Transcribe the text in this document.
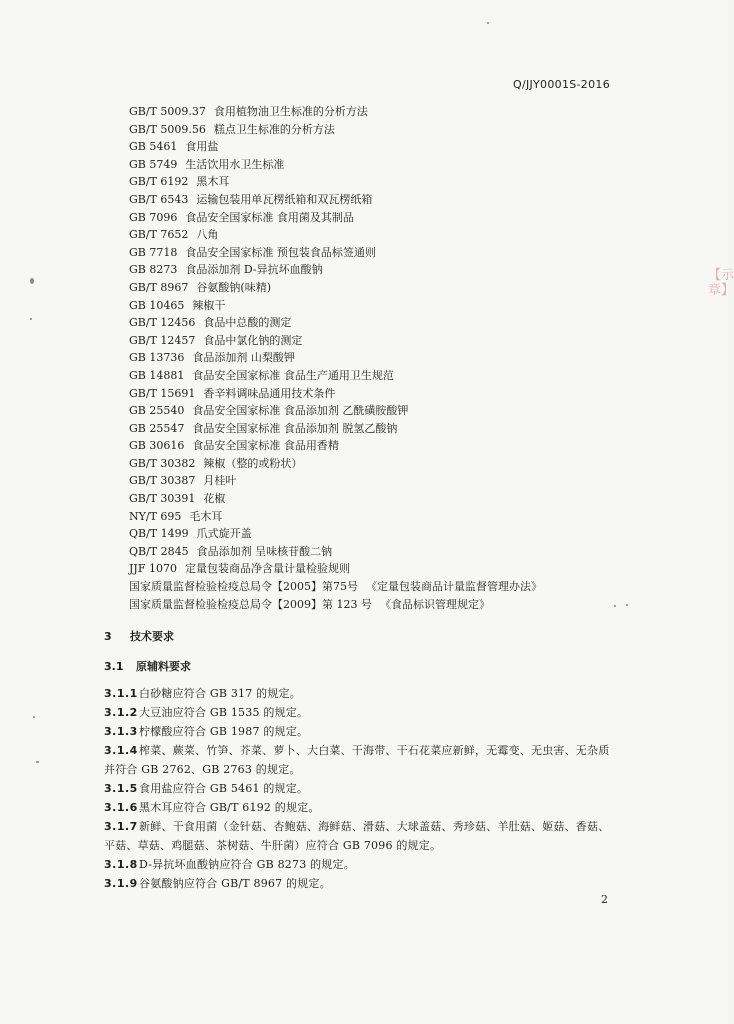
Q/JJY0001S-2016
GB/T 5009.37 食用植物油卫生标准的分析方法
GB/T 5009.56 糕点卫生标准的分析方法
GB 5461 食用盐
GB 5749 生活饮用水卫生标准
GB/T 6192 黑木耳
GB/T 6543 运输包装用单瓦楞纸箱和双瓦楞纸箱
GB 7096 食品安全国家标准 食用菌及其制品
GB/T 7652 八角
GB 7718 食品安全国家标准 预包装食品标签通则
GB 8273 食品添加剂 D-异抗坏血酸钠
GB/T 8967 谷氨酸钠(味精)
GB 10465 辣椒干
GB/T 12456 食品中总酸的测定
GB/T 12457 食品中氯化钠的测定
GB 13736 食品添加剂 山梨酸钾
GB 14881 食品安全国家标准 食品生产通用卫生规范
GB/T 15691 香辛料调味品通用技术条件
GB 25540 食品安全国家标准 食品添加剂 乙酰磺胺酸钾
GB 25547 食品安全国家标准 食品添加剂 脱氢乙酸钠
GB 30616 食品安全国家标准 食品用香精
GB/T 30382 辣椒（整的或粉状）
GB/T 30387 月桂叶
GB/T 30391 花椒
NY/T 695 毛木耳
QB/T 1499 爪式旋开盖
QB/T 2845 食品添加剂 呈味核苷酸二钠
JJF 1070 定量包装商品净含量计量检验规则
国家质量监督检验检疫总局令【2005】第75号 《定量包装商品计量监督管理办法》
国家质量监督检验检疫总局令【2009】第 123 号 《食品标识管理规定》
3 技术要求
3.1 原辅料要求
3.1.1白砂糖应符合 GB 317 的规定。
3.1.2大豆油应符合 GB 1535 的规定。
3.1.3柠檬酸应符合 GB 1987 的规定。
3.1.4榨菜、蕨菜、竹笋、芥菜、萝卜、大白菜、干海带、干石花菜应新鲜，无霉变、无虫害、无杂质并符合 GB 2762、GB 2763 的规定。
3.1.5食用盐应符合 GB 5461 的规定。
3.1.6黑木耳应符合 GB/T 6192 的规定。
3.1.7新鲜、干食用菌（金针菇、杏鲍菇、海鲜菇、滑菇、大球盖菇、秀珍菇、羊肚菇、姬菇、香菇、平菇、草菇、鸡腿菇、茶树菇、牛肝菌）应符合 GB 7096 的规定。
3.1.8D-异抗坏血酸钠应符合 GB 8273 的规定。
3.1.9谷氨酸钠应符合 GB/T 8967 的规定。
2
【示章】
